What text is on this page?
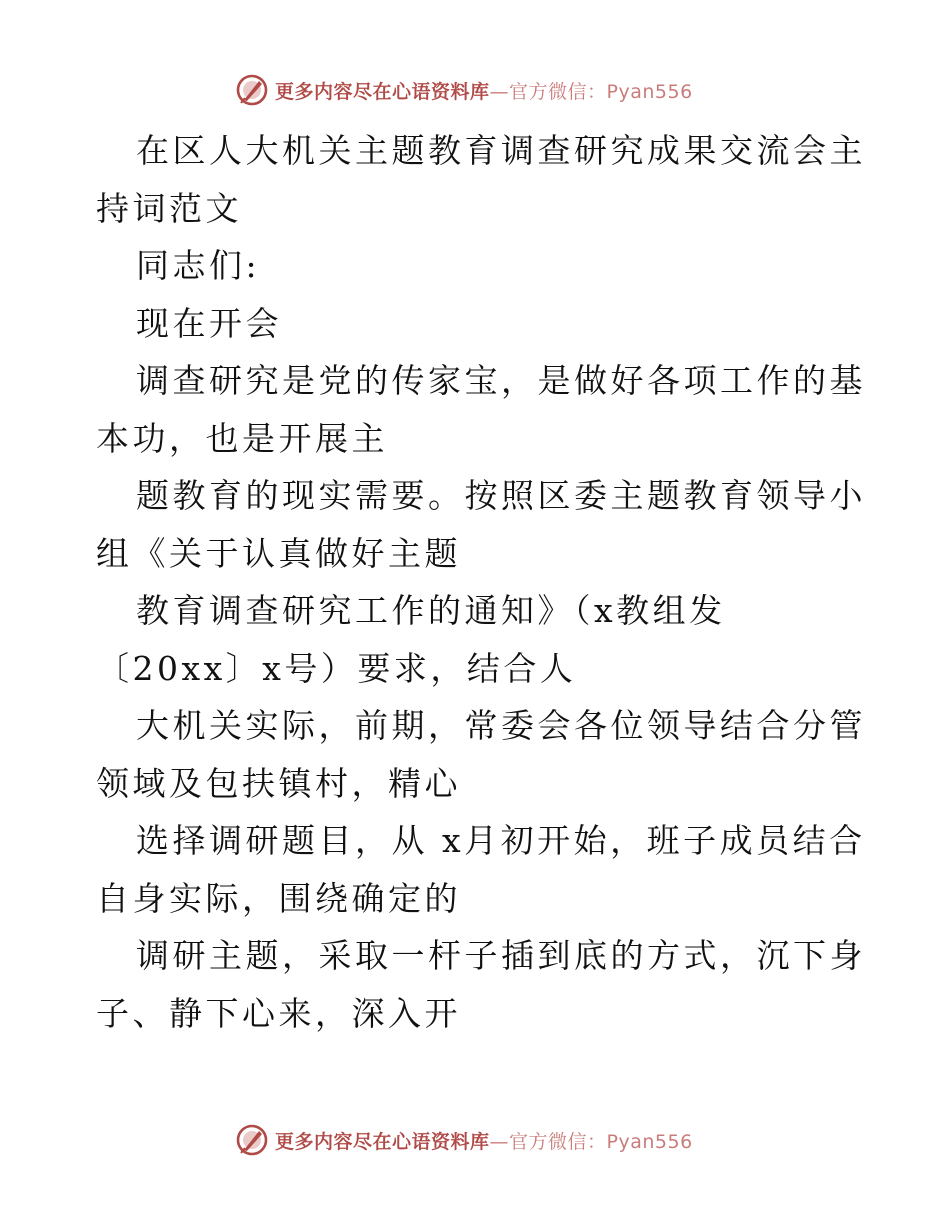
更多内容尽在心语资料库 —官方微信：Pyan556

在区人大机关主题教育调查研究成果交流会主持词范文

同志们:

现在开会

调查研究是党的传家宝，是做好各项工作的基本功，也是开展主

题教育的现实需要。按照区委主题教育领导小组《关于认真做好主题

教育调查研究工作的通知》（x教组发〔20xx〕x号）要求，结合人

大机关实际，前期，常委会各位领导结合分管领域及包扶镇村，精心

选择调研题目，从 x月初开始，班子成员结合自身实际，围绕确定的

调研主题，采取一杆子插到底的方式，沉下身子、静下心来，深入开

更多内容尽在心语资料库 —官方微信：Pyan556
